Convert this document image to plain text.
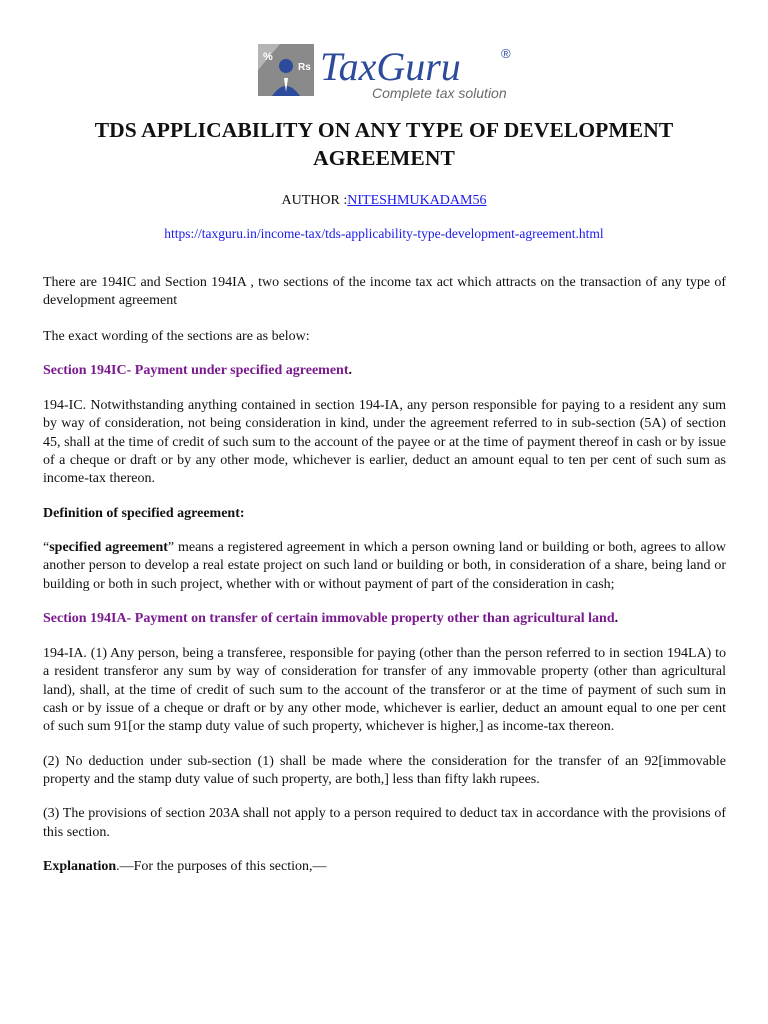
%
Rs TaxGuru	®
Complete tax solution
TDS APPLICABILITY ON ANY TYPE OF DEVELOPMENT AGREEMENT
AUTHOR :NITESHMUKADAM56
https://taxguru.in/income-tax/tds-applicability-type-development-agreement.html

There are 194IC and Section 194IA , two sections of the income tax act which attracts on the transaction of any type of development agreement

The exact wording of the sections are as below:

Section 194IC- Payment under specified agreement.

194-IC. Notwithstanding anything contained in section 194-IA, any person responsible for paying to a resident any sum by way of consideration, not being consideration in kind, under the agreement referred to in sub-section (5A) of section 45, shall at the time of credit of such sum to the account of the payee or at the time of payment thereof in cash or by issue of a cheque or draft or by any other mode, whichever is earlier, deduct an amount equal to ten per cent of such sum as income-tax thereon.

Definition of specified agreement:

“specified agreement” means a registered agreement in which a person owning land or building or both, agrees to allow another person to develop a real estate project on such land or building or both, in consideration of a share, being land or building or both in such project, whether with or without payment of part of the consideration in cash;

Section 194IA- Payment on transfer of certain immovable property other than agricultural land.

194-IA. (1) Any person, being a transferee, responsible for paying (other than the person referred to in section 194LA) to a resident transferor any sum by way of consideration for transfer of any immovable property (other than agricultural land), shall, at the time of credit of such sum to the account of the transferor or at the time of payment of such sum in cash or by issue of a cheque or draft or by any other mode, whichever is earlier, deduct an amount equal to one per cent of such sum 91[or the stamp duty value of such property, whichever is higher,] as income-tax thereon.

(2) No deduction under sub-section (1) shall be made where the consideration for the transfer of an 92[immovable property and the stamp duty value of such property, are both,] less than fifty lakh rupees.

(3) The provisions of section 203A shall not apply to a person required to deduct tax in accordance with the provisions of this section.

Explanation.—For the purposes of this section,—
